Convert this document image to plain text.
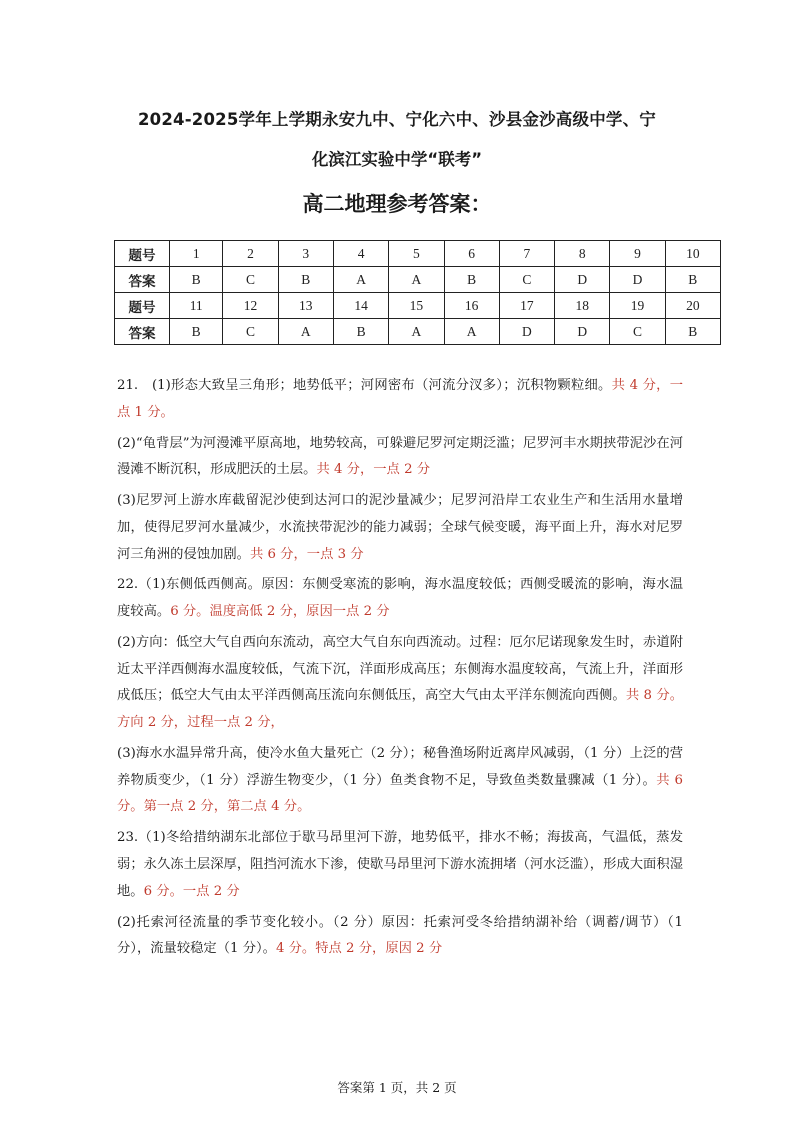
2024-2025学年上学期永安九中、宁化六中、沙县金沙高级中学、宁
化滨江实验中学“联考”
高二地理参考答案：
题号	1	2	3	4	5	6	7	8	9	10
答案	B	C	B	A	A	B	C	D	D	B
题号	11	12	13	14	15	16	17	18	19	20
答案	B	C	A	B	A	A	D	D	C	B

21.　(1)形态大致呈三角形；地势低平；河网密布（河流分汊多）；沉积物颗粒细。共 4 分，一点 1 分。

(2)“龟背层”为河漫滩平原高地，地势较高，可躲避尼罗河定期泛滥；尼罗河丰水期挟带泥沙在河漫滩不断沉积，形成肥沃的土层。共 4 分，一点 2 分

(3)尼罗河上游水库截留泥沙使到达河口的泥沙量减少；尼罗河沿岸工农业生产和生活用水量增加，使得尼罗河水量减少，水流挟带泥沙的能力减弱；全球气候变暖，海平面上升，海水对尼罗河三角洲的侵蚀加剧。共 6 分，一点 3 分

22.（1)东侧低西侧高。原因：东侧受寒流的影响，海水温度较低；西侧受暖流的影响，海水温度较高。6 分。温度高低 2 分，原因一点 2 分

(2)方向：低空大气自西向东流动，高空大气自东向西流动。过程：厄尔尼诺现象发生时，赤道附近太平洋西侧海水温度较低，气流下沉，洋面形成高压；东侧海水温度较高，气流上升，洋面形成低压；低空大气由太平洋西侧高压流向东侧低压，高空大气由太平洋东侧流向西侧。共 8 分。方向 2 分，过程一点 2 分，

(3)海水水温异常升高，使冷水鱼大量死亡（2 分）；秘鲁渔场附近离岸风减弱，（1 分）上泛的营养物质变少，（1 分）浮游生物变少，（1 分）鱼类食物不足，导致鱼类数量骤减（1 分）。共 6 分。第一点 2 分，第二点 4 分。

23.（1)冬给措纳湖东北部位于歇马昂里河下游，地势低平，排水不畅；海拔高，气温低，蒸发弱；永久冻土层深厚，阻挡河流水下渗，使歇马昂里河下游水流拥堵（河水泛滥），形成大面积湿地。6 分。一点 2 分

(2)托索河径流量的季节变化较小。（2 分）原因：托索河受冬给措纳湖补给（调蓄/调节）（1 分），流量较稳定（1 分）。4 分。特点 2 分，原因 2 分

答案第 1 页，共 2 页
